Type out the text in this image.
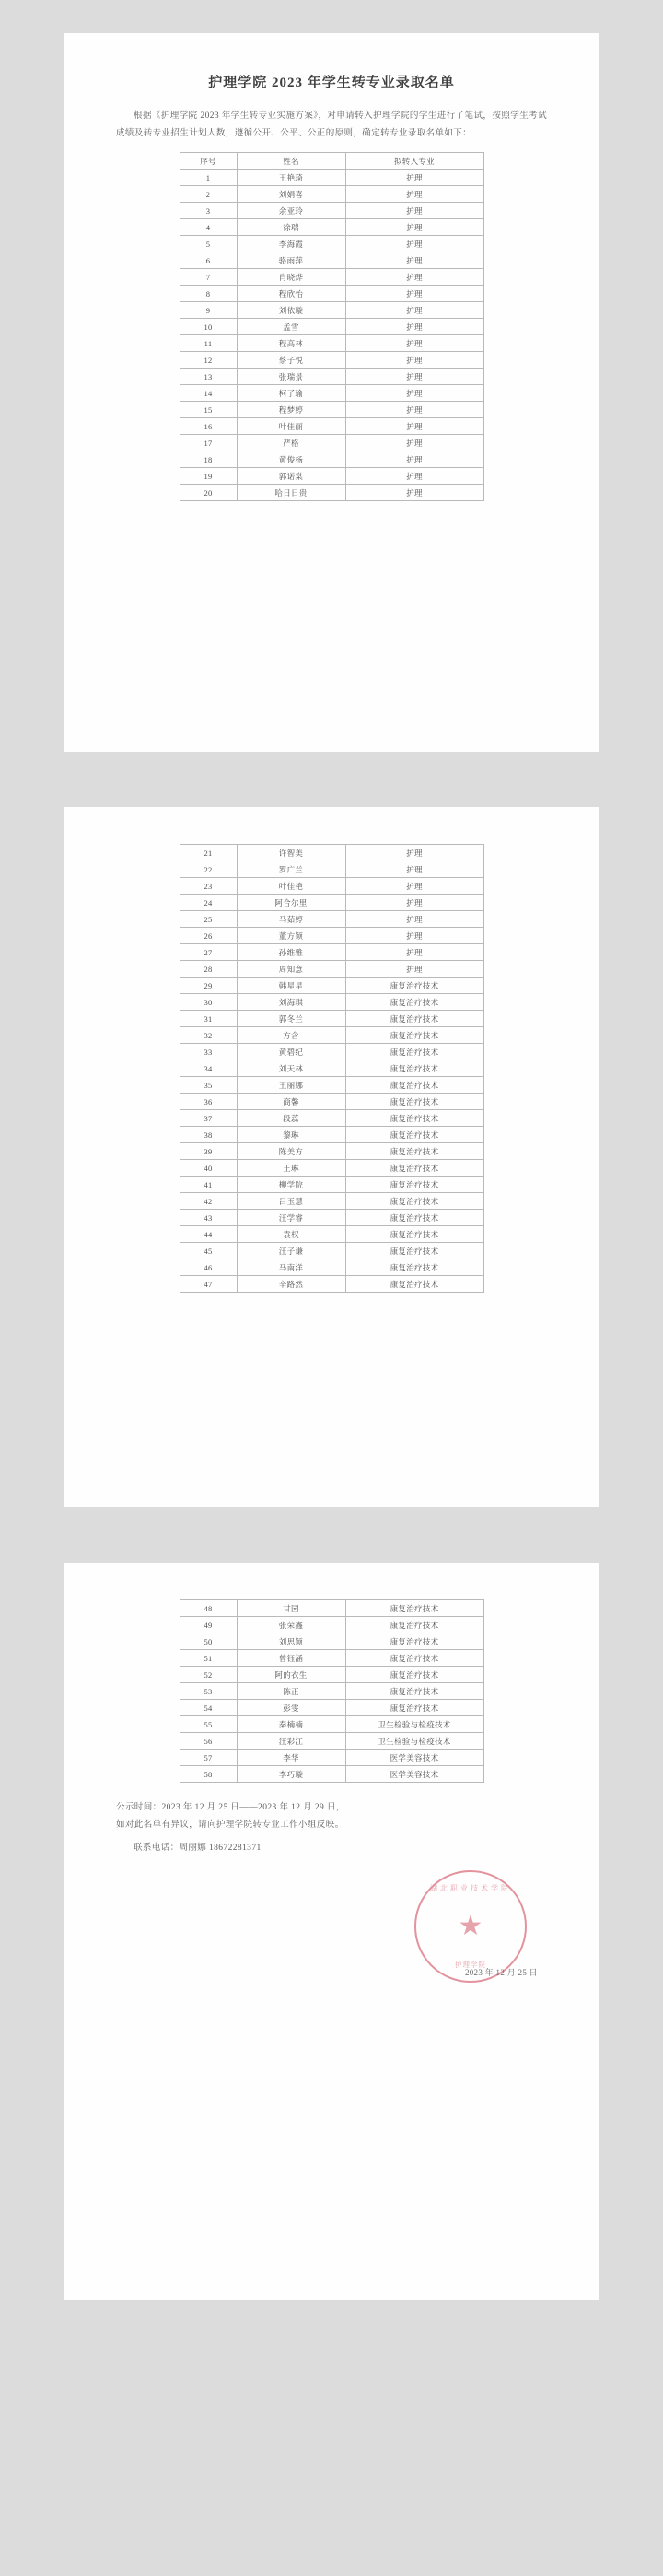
护理学院 2023 年学生转专业录取名单

根据《护理学院 2023 年学生转专业实施方案》，对申请转入护理学院的学生进行了笔试，按照学生考试成绩及转专业招生计划人数，遵循公开、公平、公正的原则，确定转专业录取名单如下：

序号	姓名	拟转入专业
1	王艳琦	护理
2	刘娟喜	护理
3	余亚玲	护理
4	徐瑞	护理
5	李海霞	护理
6	骆雨萍	护理
7	肖晓烨	护理
8	程欣怡	护理
9	刘依璇	护理
10	孟雪	护理
11	程高林	护理
12	蔡子悦	护理
13	张瑞景	护理
14	柯了瑜	护理
15	程梦婷	护理
16	叶佳丽	护理
17	严格	护理
18	黄俊杨	护理
19	郭诺棠	护理
20	哈日日贵	护理
21	许智美	护理
22	罗广兰	护理
23	叶佳艳	护理
24	阿合尔里	护理
25	马茹婷	护理
26	董方颖	护理
27	孙维雅	护理
28	周知意	护理
29	韩星星	康复治疗技术
30	刘海琪	康复治疗技术
31	郭冬兰	康复治疗技术
32	方含	康复治疗技术
33	黄碧纪	康复治疗技术
34	刘天林	康复治疗技术
35	王丽娜	康复治疗技术
36	商馨	康复治疗技术
37	段蕊	康复治疗技术
38	黎琳	康复治疗技术
39	陈美方	康复治疗技术
40	王琳	康复治疗技术
41	柳学院	康复治疗技术
42	吕玉慧	康复治疗技术
43	汪学睿	康复治疗技术
44	袁权	康复治疗技术
45	汪子谦	康复治疗技术
46	马南洋	康复治疗技术
47	辛路然	康复治疗技术
48	甘园	康复治疗技术
49	张荣鑫	康复治疗技术
50	刘思颖	康复治疗技术
51	曾钰涵	康复治疗技术
52	阿的衣生	康复治疗技术
53	陈正	康复治疗技术
54	彭雯	康复治疗技术
55	秦楠楠	卫生检验与检疫技术
56	汪彩江	卫生检验与检疫技术
57	李华	医学美容技术
58	李巧璇	医学美容技术

公示时间：2023 年 12 月 25 日——2023 年 12 月 29 日，

如对此名单有异议，请向护理学院转专业工作小组反映。

联系电话：周丽娜 18672281371
湖北职业技术学院
★
护理学院
2023 年 12 月 25 日
